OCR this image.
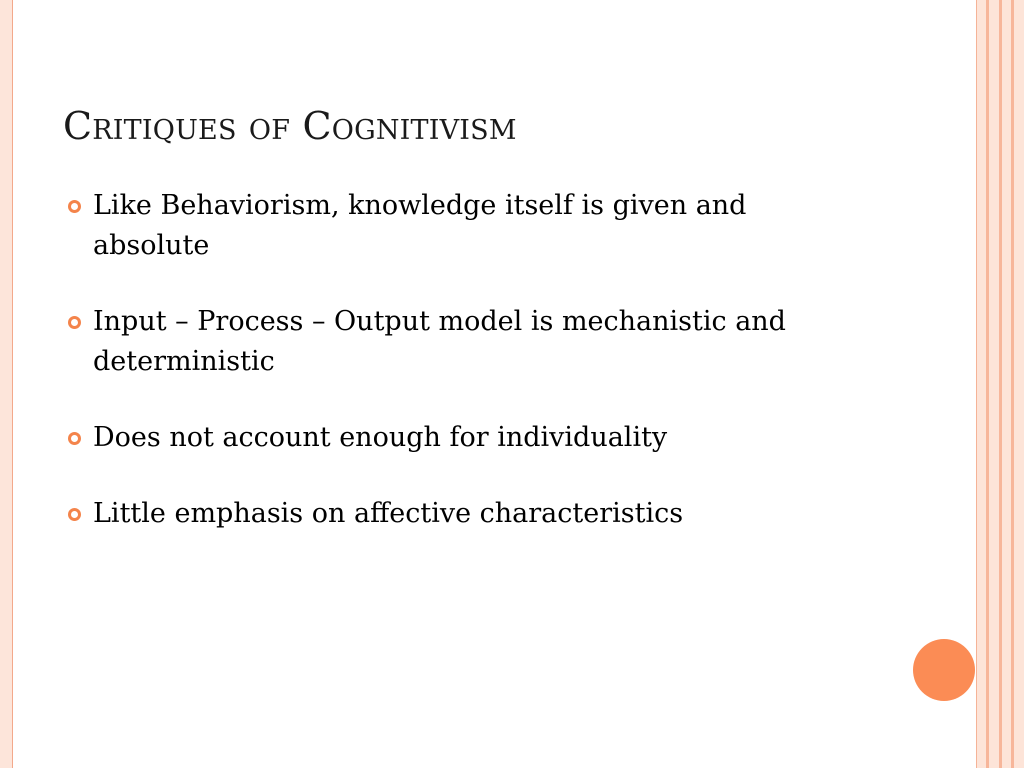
Critiques of Cognitivism
Like Behaviorism, knowledge itself is given and absolute
Input – Process – Output model is mechanistic and deterministic
Does not account enough for individuality
Little emphasis on affective characteristics
